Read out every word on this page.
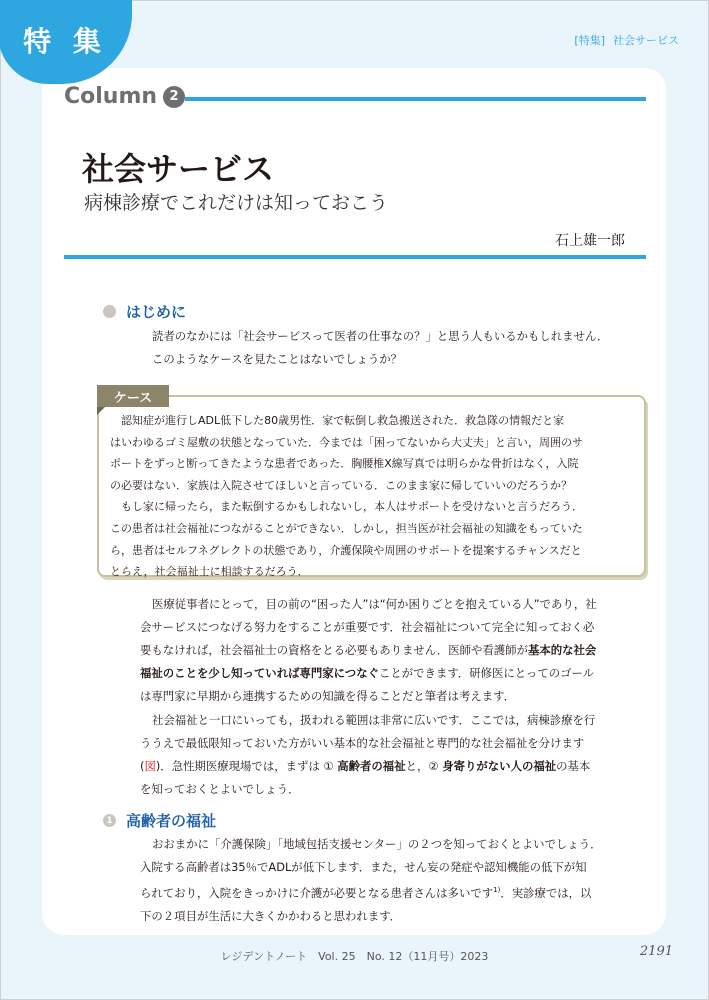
特 集	[特集] 社会サービス
Column 2
社会サービス
病棟診療でこれだけは知っておこう
石上雄一郎
はじめに
読者のなかには「社会サービスって医者の仕事なの？」と思う人もいるかもしれません．
このようなケースを見たことはないでしょうか？
ケース
　認知症が進行しADL低下した80歳男性．家で転倒し救急搬送された．救急隊の情報だと家
はいわゆるゴミ屋敷の状態となっていた．今までは「困ってないから大丈夫」と言い，周囲のサ
ポートをずっと断ってきたような患者であった．胸腰椎X線写真では明らかな骨折はなく，入院
の必要はない．家族は入院させてほしいと言っている．このまま家に帰していいのだろうか？
　もし家に帰ったら，また転倒するかもしれないし，本人はサポートを受けないと言うだろう．
この患者は社会福祉につながることができない．しかし，担当医が社会福祉の知識をもっていた
ら，患者はセルフネグレクトの状態であり，介護保険や周囲のサポートを提案するチャンスだと
とらえ，社会福祉士に相談するだろう．
医療従事者にとって，目の前の“困った人”は“何か困りごとを抱えている人”であり，社
会サービスにつなげる努力をすることが重要です．社会福祉について完全に知っておく必
要もなければ，社会福祉士の資格をとる必要もありません．医師や看護師が基本的な社会
福祉のことを少し知っていれば専門家につなぐことができます．研修医にとってのゴール
は専門家に早期から連携するための知識を得ることだと筆者は考えます．
社会福祉と一口にいっても，扱われる範囲は非常に広いです．ここでは，病棟診療を行
ううえで最低限知っておいた方がいい基本的な社会福祉と専門的な社会福祉を分けます
(図)．急性期医療現場では，まずは ① 高齢者の福祉と，② 身寄りがない人の福祉の基本
を知っておくとよいでしょう．
1 高齢者の福祉
おおまかに「介護保険」「地域包括支援センター」の２つを知っておくとよいでしょう．
入院する高齢者は35％でADLが低下します．また，せん妄の発症や認知機能の低下が知
られており，入院をきっかけに介護が必要となる患者さんは多いです$^{1)}$．実診療では，以
下の２項目が生活に大きくかかわると思われます．
レジデントノート　Vol. 25　No. 12（11月号）2023	2191
